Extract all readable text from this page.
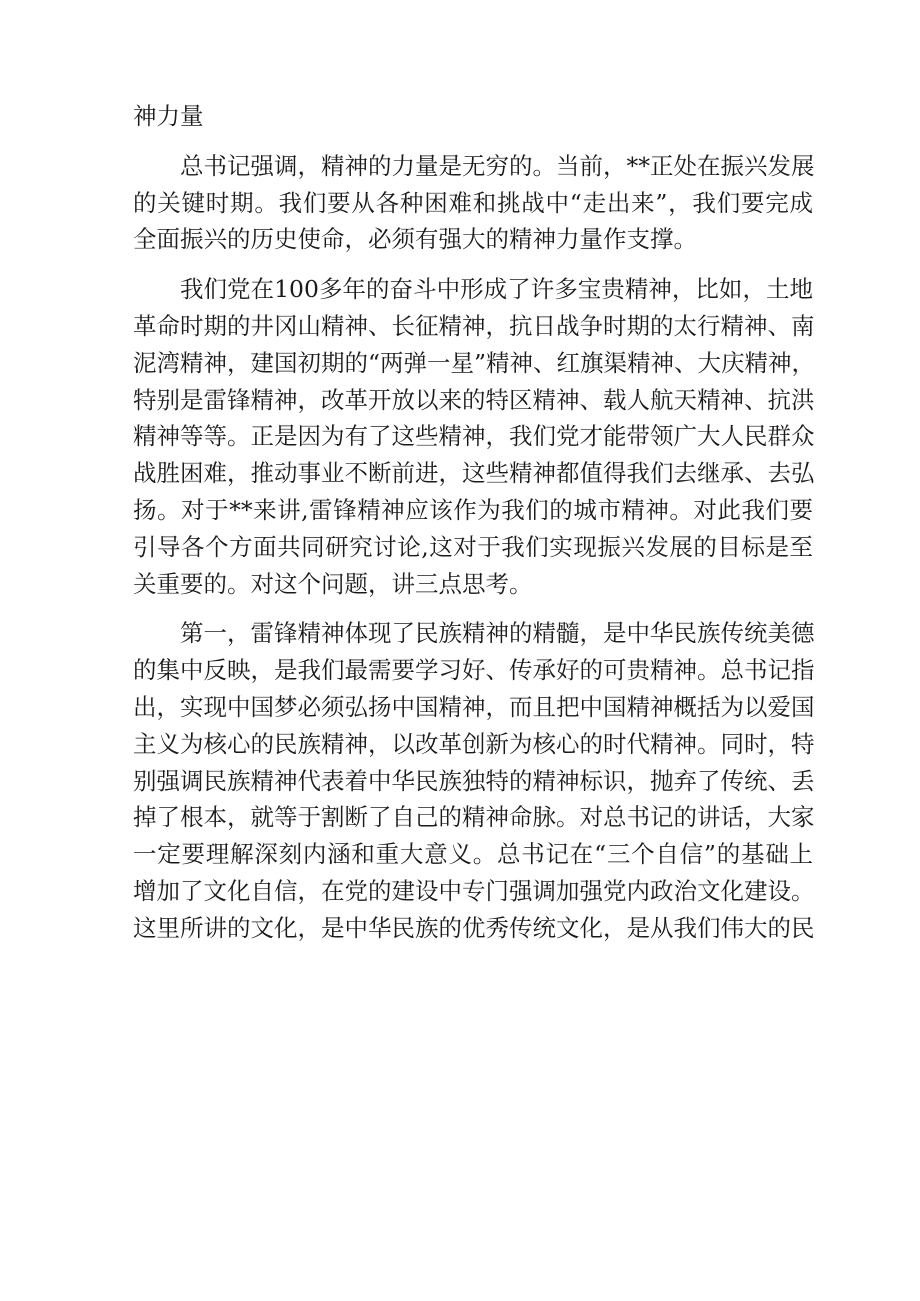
神力量
总书记强调，精神的力量是无穷的。当前，**正处在振兴发展
的关键时期。我们要从各种困难和挑战中“走出来”，我们要完成
全面振兴的历史使命，必须有强大的精神力量作支撑。
我们党在100多年的奋斗中形成了许多宝贵精神，比如，土地
革命时期的井冈山精神、长征精神，抗日战争时期的太行精神、南
泥湾精神，建国初期的“两弹一星”精神、红旗渠精神、大庆精神，
特别是雷锋精神，改革开放以来的特区精神、载人航天精神、抗洪
精神等等。正是因为有了这些精神，我们党才能带领广大人民群众
战胜困难，推动事业不断前进，这些精神都值得我们去继承、去弘
扬。对于**来讲,雷锋精神应该作为我们的城市精神。对此我们要
引导各个方面共同研究讨论,这对于我们实现振兴发展的目标是至
关重要的。对这个问题，讲三点思考。
第一，雷锋精神体现了民族精神的精髓，是中华民族传统美德
的集中反映，是我们最需要学习好、传承好的可贵精神。总书记指
出，实现中国梦必须弘扬中国精神，而且把中国精神概括为以爱国
主义为核心的民族精神，以改革创新为核心的时代精神。同时，特
别强调民族精神代表着中华民族独特的精神标识，抛弃了传统、丢
掉了根本，就等于割断了自己的精神命脉。对总书记的讲话，大家
一定要理解深刻内涵和重大意义。总书记在“三个自信”的基础上
增加了文化自信，在党的建设中专门强调加强党内政治文化建设。
这里所讲的文化，是中华民族的优秀传统文化，是从我们伟大的民
